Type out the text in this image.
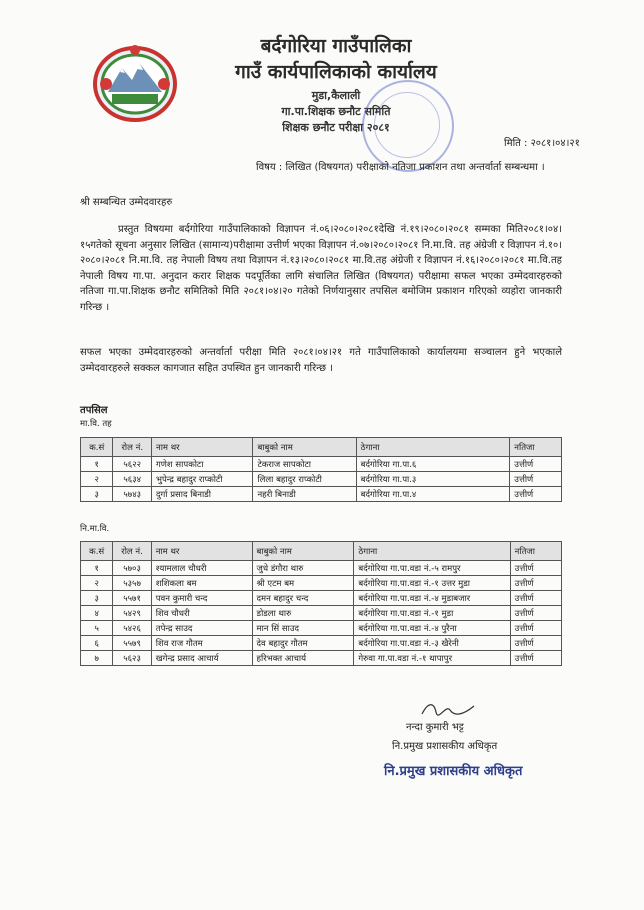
बर्दगोरिया गाउँपालिका
गाउँ कार्यपालिकाको कार्यालय
मुडा,कैलाली
गा.पा.शिक्षक छनौट समिति
शिक्षक छनौट परीक्षा २०८१
मिति : २०८१।०४।२१
विषय : लिखित (विषयगत) परीक्षाको नतिजा प्रकाशन तथा अन्तर्वार्ता सम्बन्धमा ।
श्री सम्बन्धित उम्मेदवारहरु
प्रस्तुत विषयमा बर्दगोरिया गाउँपालिकाको विज्ञापन नं.०६।२०८०।२०८१देखि नं.१९।२०८०।२०८१ सम्मका मिति२०८१।०४।१५गतेको सूचना अनुसार लिखित (सामान्य)परीक्षामा उत्तीर्ण भएका विज्ञापन नं.०७।२०८०।२०८१ नि.मा.वि. तह अंग्रेजी र विज्ञापन नं.१०।२०८०।२०८१ नि.मा.वि. तह नेपाली विषय तथा विज्ञापन नं.१३।२०८०।२०८१ मा.वि.तह अंग्रेजी र विज्ञापन नं.१६।२०८०।२०८१ मा.वि.तह नेपाली विषय गा.पा. अनुदान करार शिक्षक पदपूर्तिका लागि संचालित लिखित (विषयगत) परीक्षामा सफल भएका उम्मेदवारहरुको नतिजा गा.पा.शिक्षक छनौट समितिको मिति २०८१।०४।२० गतेको निर्णयानुसार तपसिल बमोजिम प्रकाशन गरिएको व्यहोरा जानकारी गरिन्छ ।
सफल भएका उम्मेदवारहरुको अन्तर्वार्ता परीक्षा मिति २०८१।०४।२१ गते गाउँपालिकाको कार्यालयमा सञ्चालन हुने भएकाले उम्मेदवारहरुले सक्कल कागजात सहित उपस्थित हुन जानकारी गरिन्छ ।
तपसिल
मा.वि. तह
क.सं	रोल नं.	नाम थर	बाबुको नाम	ठेगाना	नतिजा
१	५६२२	गणेश सापकोटा	टेकराज सापकोटा	बर्दगोरिया गा.पा.६	उत्तीर्ण
२	५६३४	भुपेन्द्र बहादुर राप्कोटी	लिला बहादुर राप्कोटी	बर्दगोरिया गा.पा.३	उत्तीर्ण
३	५७४३	दुर्गा प्रसाद बिनाडी	नहरी बिनाडी	बर्दगोरिया गा.पा.४	उत्तीर्ण
नि.मा.वि.
क.सं	रोल नं.	नाम थर	बाबुको नाम	ठेगाना	नतिजा
१	५७०३	श्यामलाल चौधरी	जुधे डंगौरा थारु	बर्दगोरिया गा.पा.वडा नं.-५ रामपुर	उत्तीर्ण
२	५३५७	शशिकला बम	श्री एटम बम	बर्दगोरिया गा.पा.वडा नं.-१ उत्तर मुडा	उत्तीर्ण
३	५५७१	पवन कुमारी चन्द	दमन बहादुर चन्द	बर्दगोरिया गा.पा.वडा नं.-४ मुडाबजार	उत्तीर्ण
४	५४२९	शिव चौधरी	डोडला थारु	बर्दगोरिया गा.पा.वडा नं.-१ मुडा	उत्तीर्ण
५	५४२६	तपेन्द्र साउद	मान सिं साउद	बर्दगोरिया गा.पा.वडा नं.-४ पुरैना	उत्तीर्ण
६	५५७९	शिव राज गौतम	देव बहादुर गौतम	बर्दगोरिया गा.पा.वडा नं.-३ खैरेनी	उत्तीर्ण
७	५६२३	खगेन्द्र प्रसाद आचार्य	हरिभक्त आचार्य	गेरुवा गा.पा.वडा नं.-१ थापापुर	उत्तीर्ण
नन्दा कुमारी भट्ट
नि.प्रमुख प्रशासकीय अधिकृत
नि.प्रमुख प्रशासकीय अधिकृत
